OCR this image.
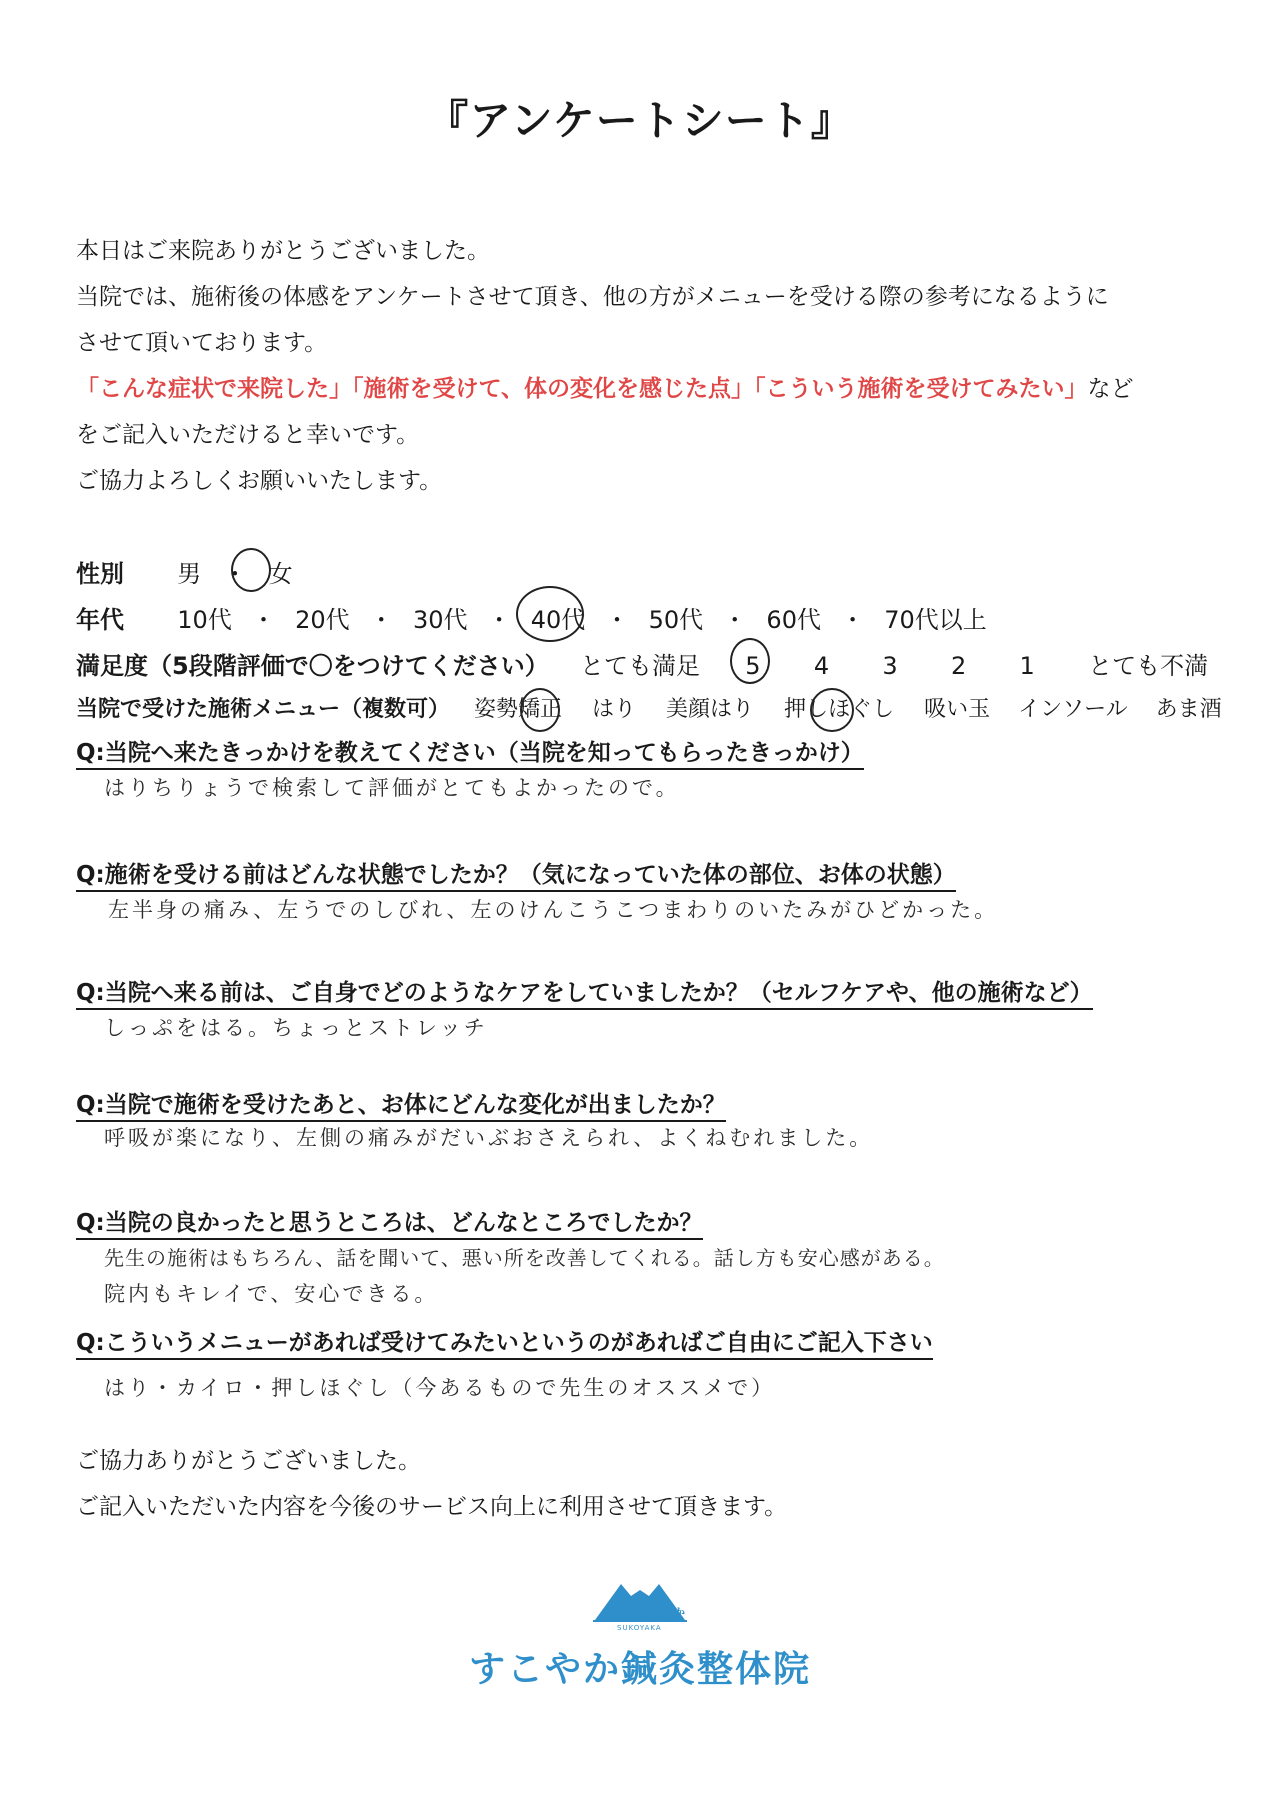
『アンケートシート』
本日はご来院ありがとうございました。
当院では、施術後の体感をアンケートさせて頂き、他の方がメニューを受ける際の参考になるように
させて頂いております。
「こんな症状で来院した」「施術を受けて、体の変化を感じた点」「こういう施術を受けてみたい」など
をご記入いただけると幸いです。
ご協力よろしくお願いいたします。
性別 男 ・ 女
年代 10代 ・ 20代 ・ 30代 ・ 40代 ・ 50代 ・ 60代 ・ 70代以上
満足度（5段階評価で〇をつけてください） とても満足 5 4 3 2 1 とても不満
当院で受けた施術メニュー（複数可） 姿勢矯正 はり 美顔はり 押しほぐし 吸い玉 インソール あま酒
Q:当院へ来たきっかけを教えてください（当院を知ってもらったきっかけ）
はりちりょうで検索して評価がとてもよかったので。
Q:施術を受ける前はどんな状態でしたか？（気になっていた体の部位、お体の状態）
左半身の痛み、左うでのしびれ、左のけんこうこつまわりのいたみがひどかった。
Q:当院へ来る前は、ご自身でどのようなケアをしていましたか？（セルフケアや、他の施術など）
しっぷをはる。ちょっとストレッチ
Q:当院で施術を受けたあと、お体にどんな変化が出ましたか？
呼吸が楽になり、左側の痛みがだいぶおさえられ、よくねむれました。
Q:当院の良かったと思うところは、どんなところでしたか？
先生の施術はもちろん、話を聞いて、悪い所を改善してくれる。話し方も安心感がある。
院内もキレイで、安心できる。
Q:こういうメニューがあれば受けてみたいというのがあればご自由にご記入下さい
はり・カイロ・押しほぐし（今あるもので先生のオススメで）
ご協力ありがとうございました。
ご記入いただいた内容を今後のサービス向上に利用させて頂きます。
すこやか
SUKOYAKA
すこやか鍼灸整体院
